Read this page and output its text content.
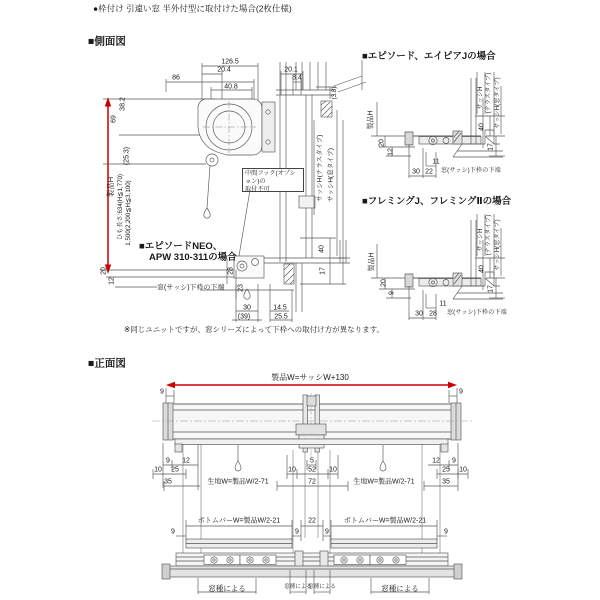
●枠付け 引違い窓 半外付型に取付けた場合(2枚仕様)
■側面図
126.5
20.4	20.1
86	8.4
40.8	(3.8)
38.2
69
(25.3)
製品H ひも長さ:634(H≦1,770) 1,500(2,200≦H≦3,100)
20
12
中間フック(オプション)の
取付不可	サッシH(テラスタイプ) サッシH(窓タイプ)
40
17
■エピソードNEO、
APW 310-311の場合
窓(サッシ)下枠の下端
28
23
30
(39)
14.5
25.5
※同じユニットですが、窓シリーズによって下枠への取付け方が異なります。
■エピソード、エイピアJの場合
製品H
20
12
サッシH (テラスタイプ) サッシH(窓タイプ)
40
17
11
30 22 窓(サッシ)下枠の下端
■フレミングJ、フレミングⅡの場合
製品H
20
9
サッシH (テラスタイプ) サッシH(窓タイプ)
40
17
11
30 28 窓(サッシ)下枠の下端
■正面図
製品W=サッシW+130
9	9
9 12
10 25
35
5
10 52 10
72
12 9
25 10
35
生地W=製品W/2-71	生地W=製品W/2-71
ボトムバーW=製品W/2-21	22	ボトムバーW=製品W/2-21
9	9	9	9
窓種による	窓種による
窓種による	窓種による
